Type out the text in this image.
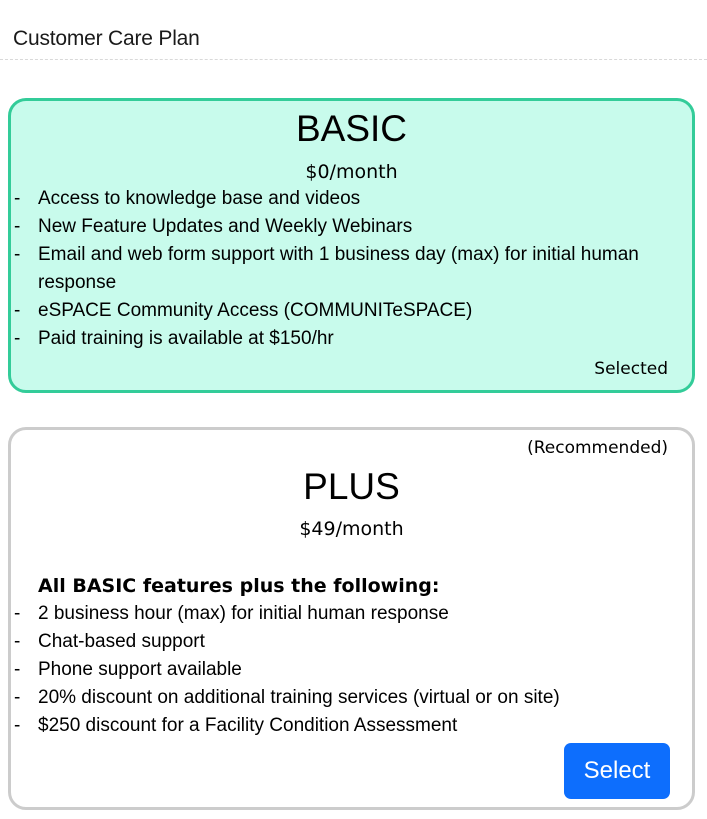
Customer Care Plan
BASIC
$0/month
- Access to knowledge base and videos
- New Feature Updates and Weekly Webinars
- Email and web form support with 1 business day (max) for initial human response
- eSPACE Community Access (COMMUNITeSPACE)
- Paid training is available at $150/hr
Selected
(Recommended)
PLUS
$49/month
All BASIC features plus the following:
- 2 business hour (max) for initial human response
- Chat-based support
- Phone support available
- 20% discount on additional training services (virtual or on site)
- $250 discount for a Facility Condition Assessment
Select
